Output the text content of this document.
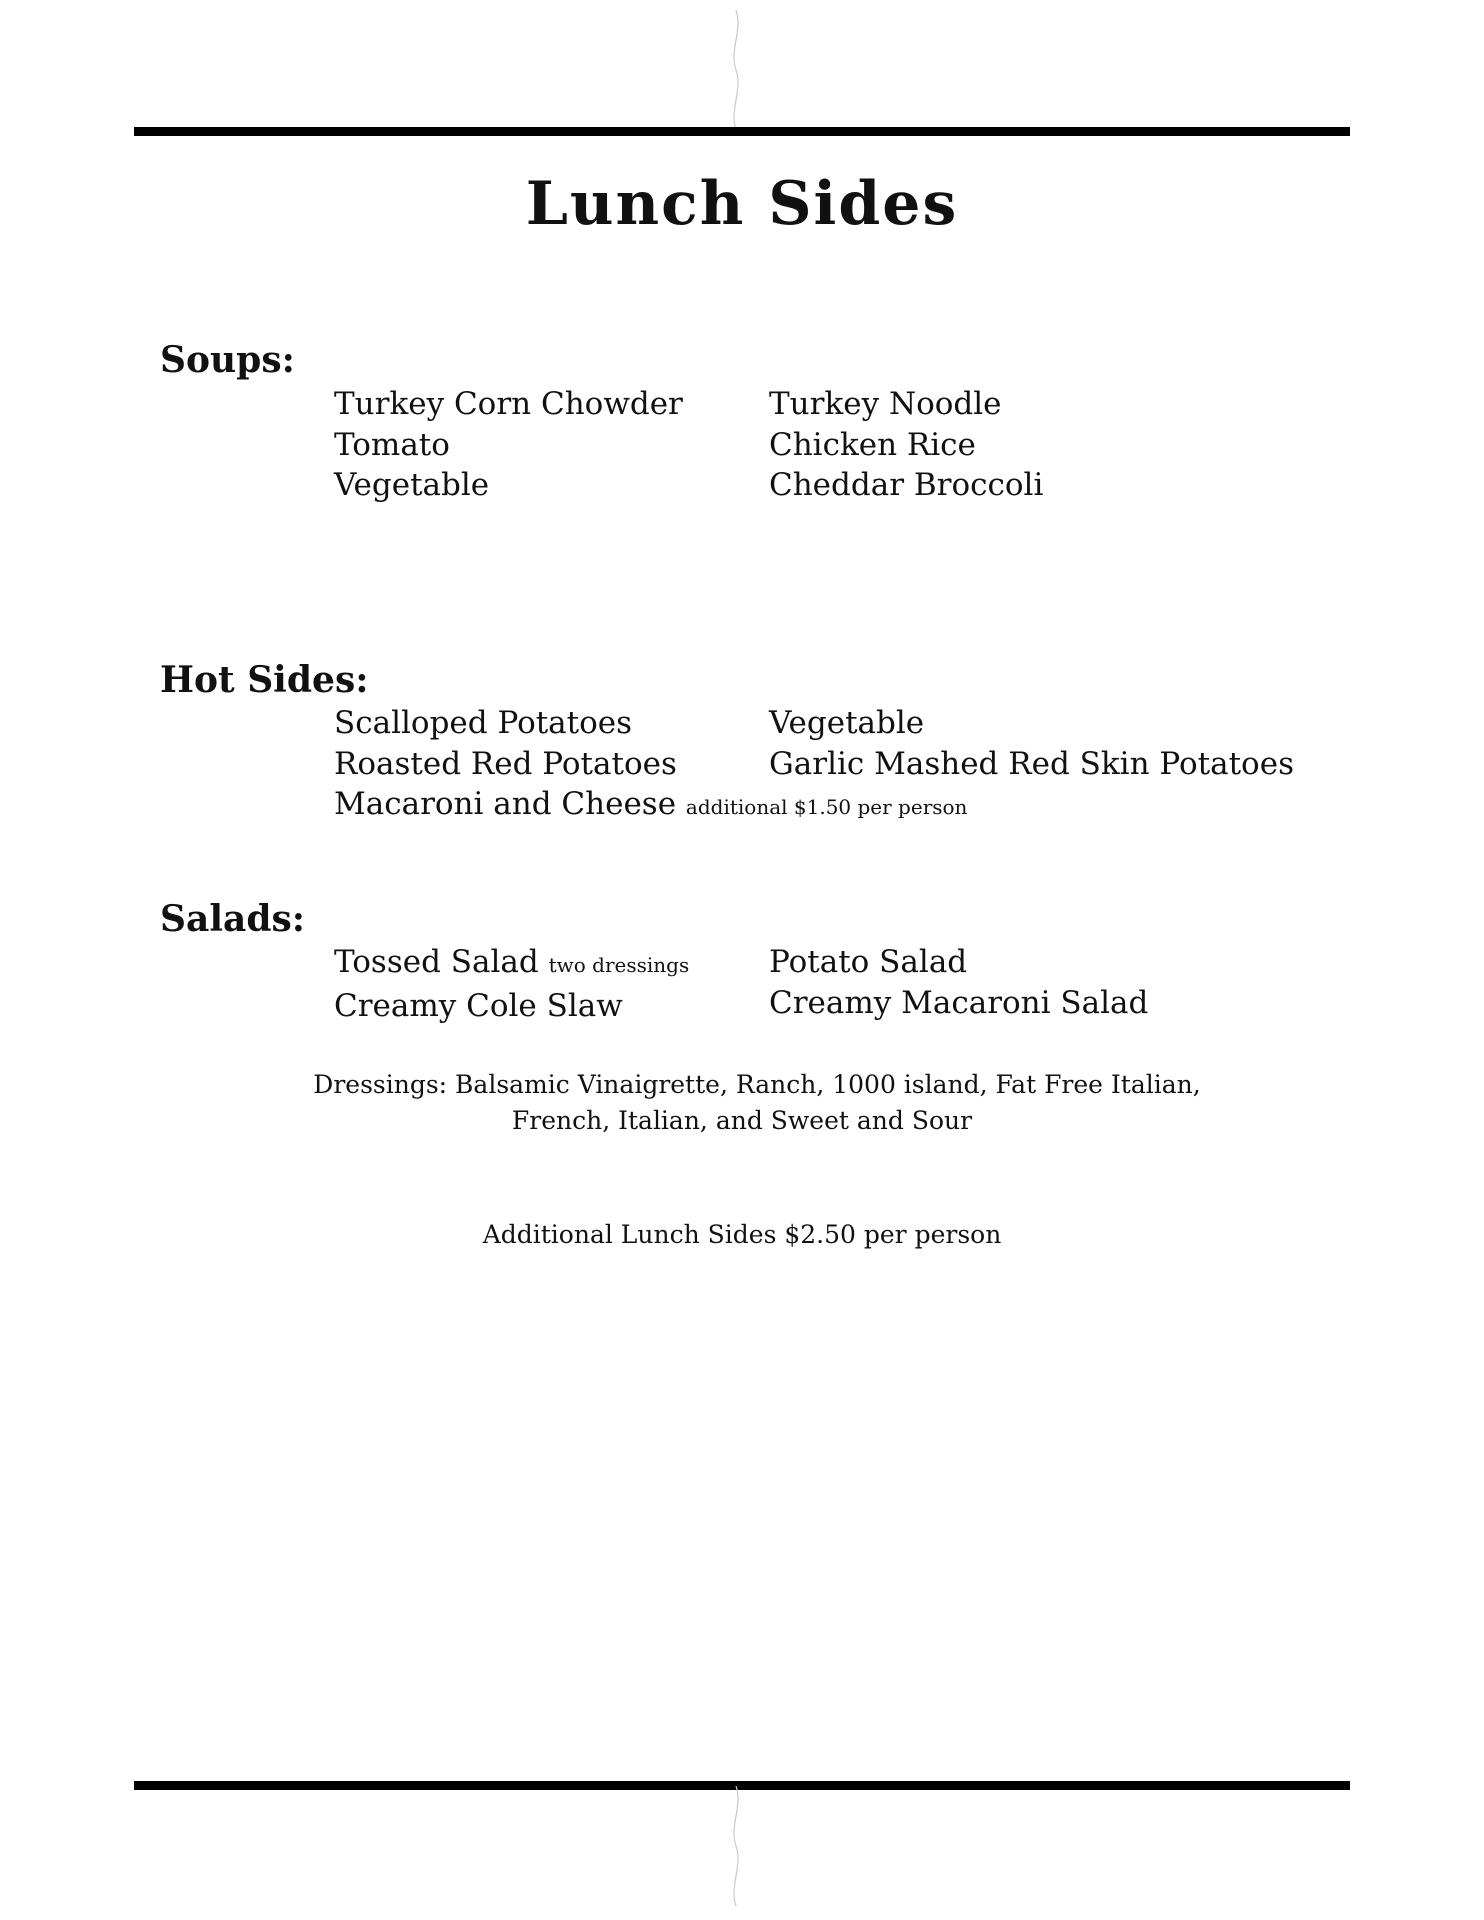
Lunch Sides
Soups:
Turkey Corn Chowder
Tomato
Vegetable
Turkey Noodle
Chicken Rice
Cheddar Broccoli
Hot Sides:
Scalloped Potatoes
Roasted Red Potatoes
Macaroni and Cheese additional $1.50 per person
Vegetable
Garlic Mashed Red Skin Potatoes
Salads:
Tossed Salad two dressings
Creamy Cole Slaw
Potato Salad
Creamy Macaroni Salad
Dressings: Balsamic Vinaigrette, Ranch, 1000 island, Fat Free Italian,
French, Italian, and Sweet and Sour
Additional Lunch Sides $2.50 per person
